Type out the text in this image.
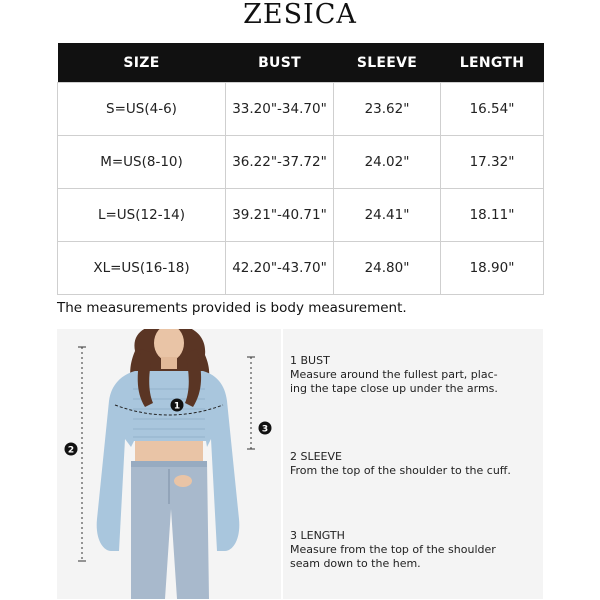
ZESICA
SIZE	BUST	SLEEVE	LENGTH
S=US(4-6)	33.20"-34.70"	23.62"	16.54"
M=US(8-10)	36.22"-37.72"	24.02"	17.32"
L=US(12-14)	39.21"-40.71"	24.41"	18.11"
XL=US(16-18)	42.20"-43.70"	24.80"	18.90"
The measurements provided is body measurement.
1
2
3
1 BUST
Measure around the fullest part, plac-
ing the tape close up under the arms.
2 SLEEVE
From the top of the shoulder to the cuff.
3 LENGTH
Measure from the top of the shoulder
seam down to the hem.
